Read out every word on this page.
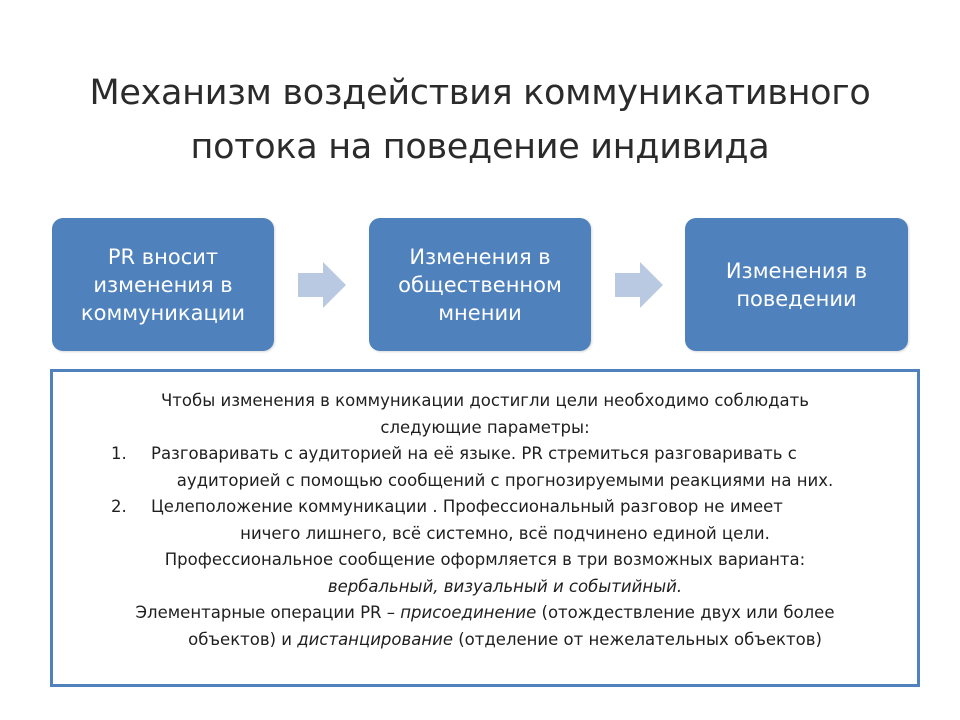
Механизм воздействия коммуникативного
потока на поведение индивида
PR вносит
изменения в
коммуникации
Изменения в
общественном
мнении
Изменения в
поведении
Чтобы изменения в коммуникации достигли цели необходимо соблюдать
следующие параметры:
1. Разговаривать с аудиторией на её языке. PR стремиться разговаривать с
аудиторией с помощью сообщений с прогнозируемыми реакциями на них.
2. Целеположение коммуникации . Профессиональный разговор не имеет
ничего лишнего, всё системно, всё подчинено единой цели.
Профессиональное сообщение оформляется в три возможных варианта:
вербальный, визуальный и событийный.
Элементарные операции PR – присоединение (отождествление двух или более
объектов) и дистанцирование (отделение от нежелательных объектов)
